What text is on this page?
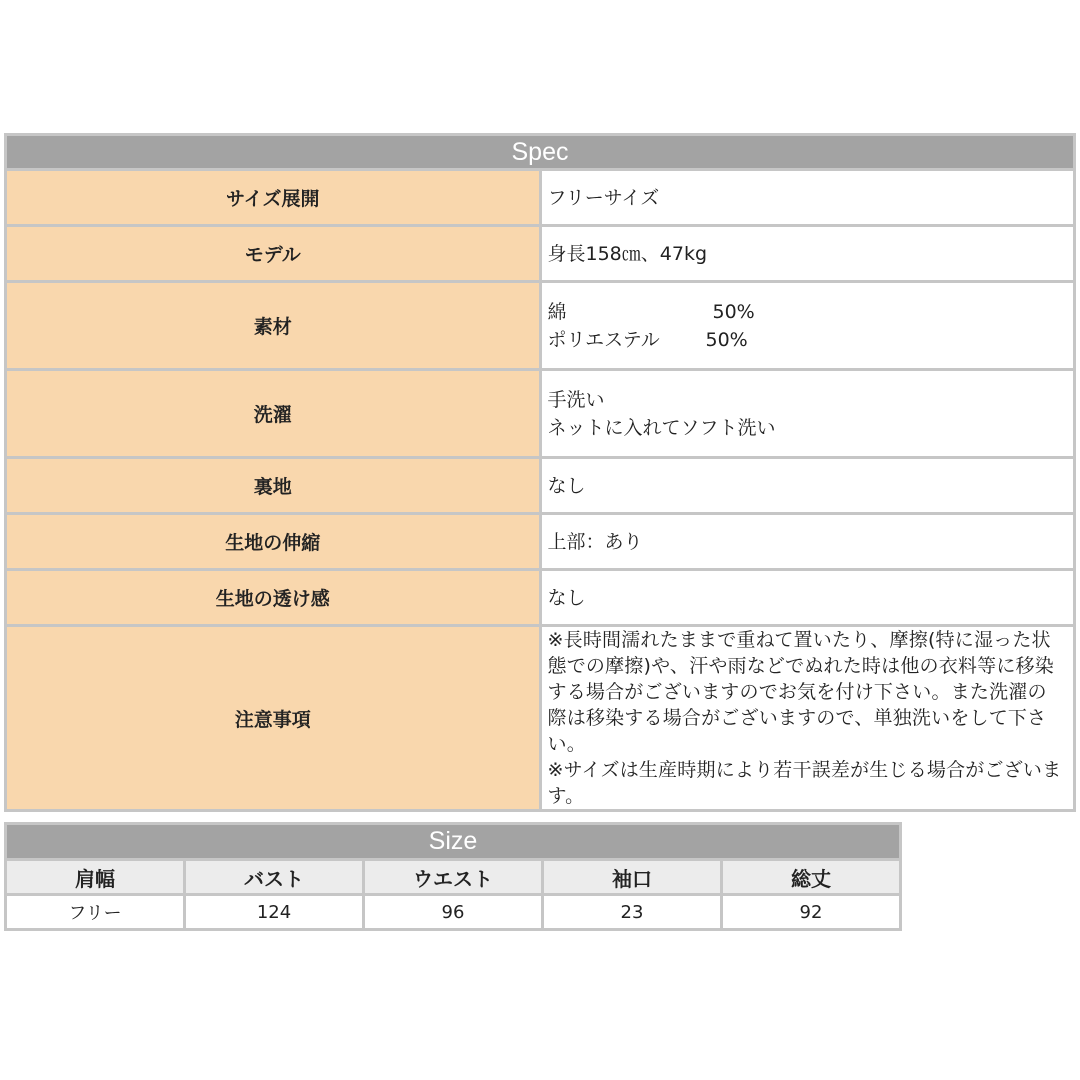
Spec	
サイズ展開	フリーサイズ

モデル	身長158㎝、47kg

素材	綿 50%
ポリエステル 50%

洗濯	手洗い
ネットに入れてソフト洗い

裏地	なし

生地の伸縮	上部：あり

生地の透け感	なし

注意事項	※長時間濡れたままで重ねて置いたり、摩擦(特に湿った状態での摩擦)や、汗や雨などでぬれた時は他の衣料等に移染する場合がございますのでお気を付け下さい。また洗濯の際は移染する場合がございますので、単独洗いをして下さい。
※サイズは生産時期により若干誤差が生じる場合がございます。
Size				
肩幅	バスト	ウエスト	袖口	総丈
フリー	124	96	23	92
